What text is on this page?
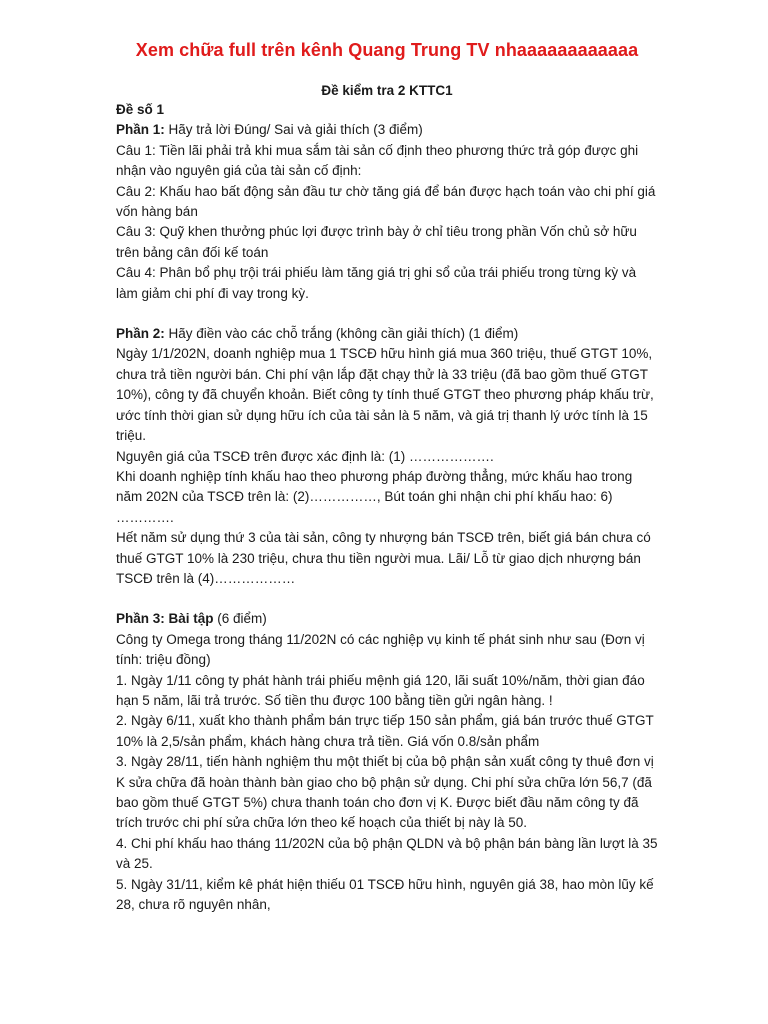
Xem chữa full trên kênh Quang Trung TV nhaaaaaaaaaaaa
Đề kiểm tra 2 KTTC1

Đề số 1

Phần 1: Hãy trả lời Đúng/ Sai và giải thích (3 điểm)

Câu 1: Tiền lãi phải trả khi mua sắm tài sản cố định theo phương thức trả góp được ghi nhận vào nguyên giá của tài sản cố định:

Câu 2: Khấu hao bất động sản đầu tư chờ tăng giá để bán được hạch toán vào chi phí giá vốn hàng bán

Câu 3: Quỹ khen thưởng phúc lợi được trình bày ở chỉ tiêu trong phần Vốn chủ sở hữu trên bảng cân đối kế toán

Câu 4: Phân bổ phụ trội trái phiếu làm tăng giá trị ghi sổ của trái phiếu trong từng kỳ và làm giảm chi phí đi vay trong kỳ.

Phần 2: Hãy điền vào các chỗ trắng (không cần giải thích) (1 điểm)

Ngày 1/1/202N, doanh nghiệp mua 1 TSCĐ hữu hình giá mua 360 triệu, thuế GTGT 10%, chưa trả tiền người bán. Chi phí vận lắp đặt chạy thử là 33 triệu (đã bao gồm thuế GTGT 10%), công ty đã chuyển khoản. Biết công ty tính thuế GTGT theo phương pháp khấu trừ, ước tính thời gian sử dụng hữu ích của tài sản là 5 năm, và giá trị thanh lý ước tính là 15 triệu.

Nguyên giá của TSCĐ trên được xác định là: (1) ……………….

Khi doanh nghiệp tính khấu hao theo phương pháp đường thẳng, mức khấu hao trong năm 202N của TSCĐ trên là: (2)……………, Bút toán ghi nhận chi phí khấu hao: 6) ………….

Hết năm sử dụng thứ 3 của tài sản, công ty nhượng bán TSCĐ trên, biết giá bán chưa có thuế GTGT 10% là 230 triệu, chưa thu tiền người mua. Lãi/ Lỗ từ giao dịch nhượng bán TSCĐ trên là (4)………………

Phần 3: Bài tập (6 điểm)

Công ty Omega trong tháng 11/202N có các nghiệp vụ kinh tế phát sinh như sau (Đơn vị tính: triệu đồng)

1. Ngày 1/11 công ty phát hành trái phiếu mệnh giá 120, lãi suất 10%/năm, thời gian đáo hạn 5 năm, lãi trả trước. Số tiền thu được 100 bằng tiền gửi ngân hàng. !

2. Ngày 6/11, xuất kho thành phẩm bán trực tiếp 150 sản phẩm, giá bán trước thuế GTGT 10% là 2,5/sản phẩm, khách hàng chưa trả tiền. Giá vốn 0.8/sản phẩm

3. Ngày 28/11, tiến hành nghiệm thu một thiết bị của bộ phận sản xuất công ty thuê đơn vị K sửa chữa đã hoàn thành bàn giao cho bộ phận sử dụng. Chi phí sửa chữa lớn 56,7 (đã bao gồm thuế GTGT 5%) chưa thanh toán cho đơn vị K. Được biết đầu năm công ty đã trích trước chi phí sửa chữa lớn theo kế hoạch của thiết bị này là 50.

4. Chi phí khấu hao tháng 11/202N của bộ phận QLDN và bộ phận bán bàng lần lượt là 35 và 25.

5. Ngày 31/11, kiểm kê phát hiện thiếu 01 TSCĐ hữu hình, nguyên giá 38, hao mòn lũy kế 28, chưa rõ nguyên nhân,
